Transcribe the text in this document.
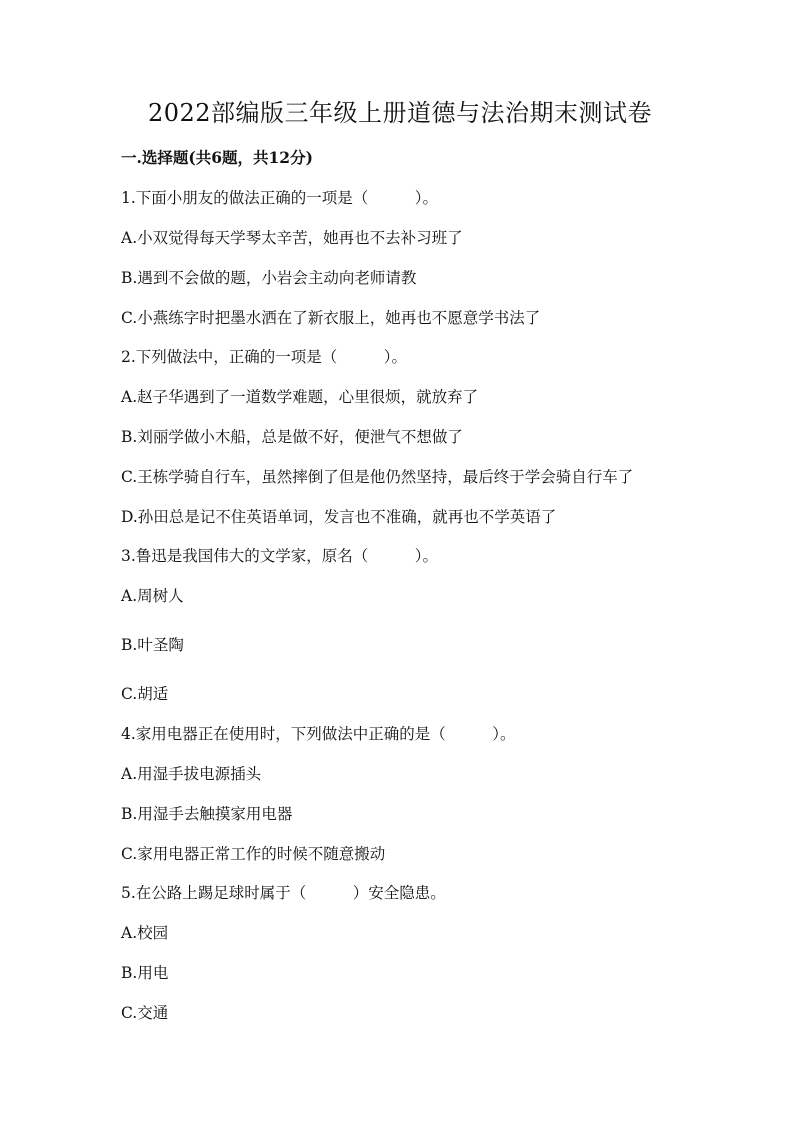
2022部编版三年级上册道德与法治期末测试卷

一.选择题(共6题，共12分)

1.下面小朋友的做法正确的一项是（　　　）。

A.小双觉得每天学琴太辛苦，她再也不去补习班了

B.遇到不会做的题，小岩会主动向老师请教

C.小燕练字时把墨水洒在了新衣服上，她再也不愿意学书法了

2.下列做法中，正确的一项是（　　　）。

A.赵子华遇到了一道数学难题，心里很烦，就放弃了

B.刘丽学做小木船，总是做不好，便泄气不想做了

C.王栋学骑自行车，虽然摔倒了但是他仍然坚持，最后终于学会骑自行车了

D.孙田总是记不住英语单词，发言也不准确，就再也不学英语了

3.鲁迅是我国伟大的文学家，原名（　　　）。

A.周树人

B.叶圣陶

C.胡适

4.家用电器正在使用时，下列做法中正确的是（　　　）。

A.用湿手拔电源插头

B.用湿手去触摸家用电器

C.家用电器正常工作的时候不随意搬动

5.在公路上踢足球时属于（　　　）安全隐患。

A.校园

B.用电

C.交通
